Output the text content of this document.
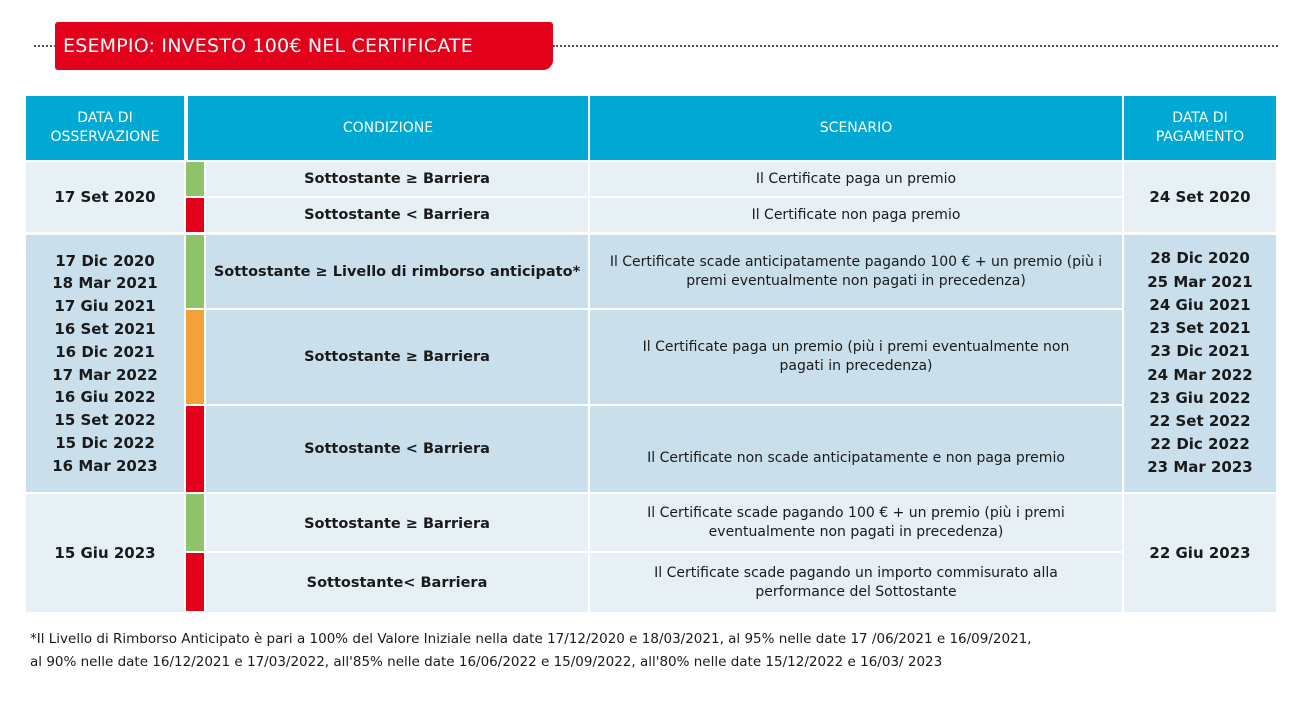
ESEMPIO: INVESTO 100€ NEL CERTIFICATE
DATA DI OSSERVAZIONE
CONDIZIONE	SCENARIO
DATA DI PAGAMENTO
17 Set 2020
Sottostante ≥ Barriera
Sottostante < Barriera
Il Certificate paga un premio
Il Certificate non paga premio
24 Set 2020
17 Dic 2020
18 Mar 2021
17 Giu 2021
16 Set 2021
16 Dic 2021
17 Mar 2022
16 Giu 2022
15 Set 2022
15 Dic 2022
16 Mar 2023
Sottostante ≥ Livello di rimborso anticipato*
Sottostante ≥ Barriera
Sottostante < Barriera
Il Certificate scade anticipatamente pagando 100 € + un premio (più i premi eventualmente non pagati in precedenza)
Il Certificate paga un premio (più i premi eventualmente non pagati in precedenza)
Il Certificate non scade anticipatamente e non paga premio
28 Dic 2020
25 Mar 2021
24 Giu 2021
23 Set 2021
23 Dic 2021
24 Mar 2022
23 Giu 2022
22 Set 2022
22 Dic 2022
23 Mar 2023
15 Giu 2023
Sottostante ≥ Barriera
Sottostante< Barriera
Il Certificate scade pagando 100 € + un premio (più i premi eventualmente non pagati in precedenza)
Il Certificate scade pagando un importo commisurato alla performance del Sottostante
22 Giu 2023
*Il Livello di Rimborso Anticipato è pari a 100% del Valore Iniziale nella date 17/12/2020 e 18/03/2021, al 95% nelle date 17 /06/2021 e 16/09/2021,
al 90% nelle date 16/12/2021 e 17/03/2022, all'85% nelle date 16/06/2022 e 15/09/2022, all'80% nelle date 15/12/2022 e 16/03/ 2023
